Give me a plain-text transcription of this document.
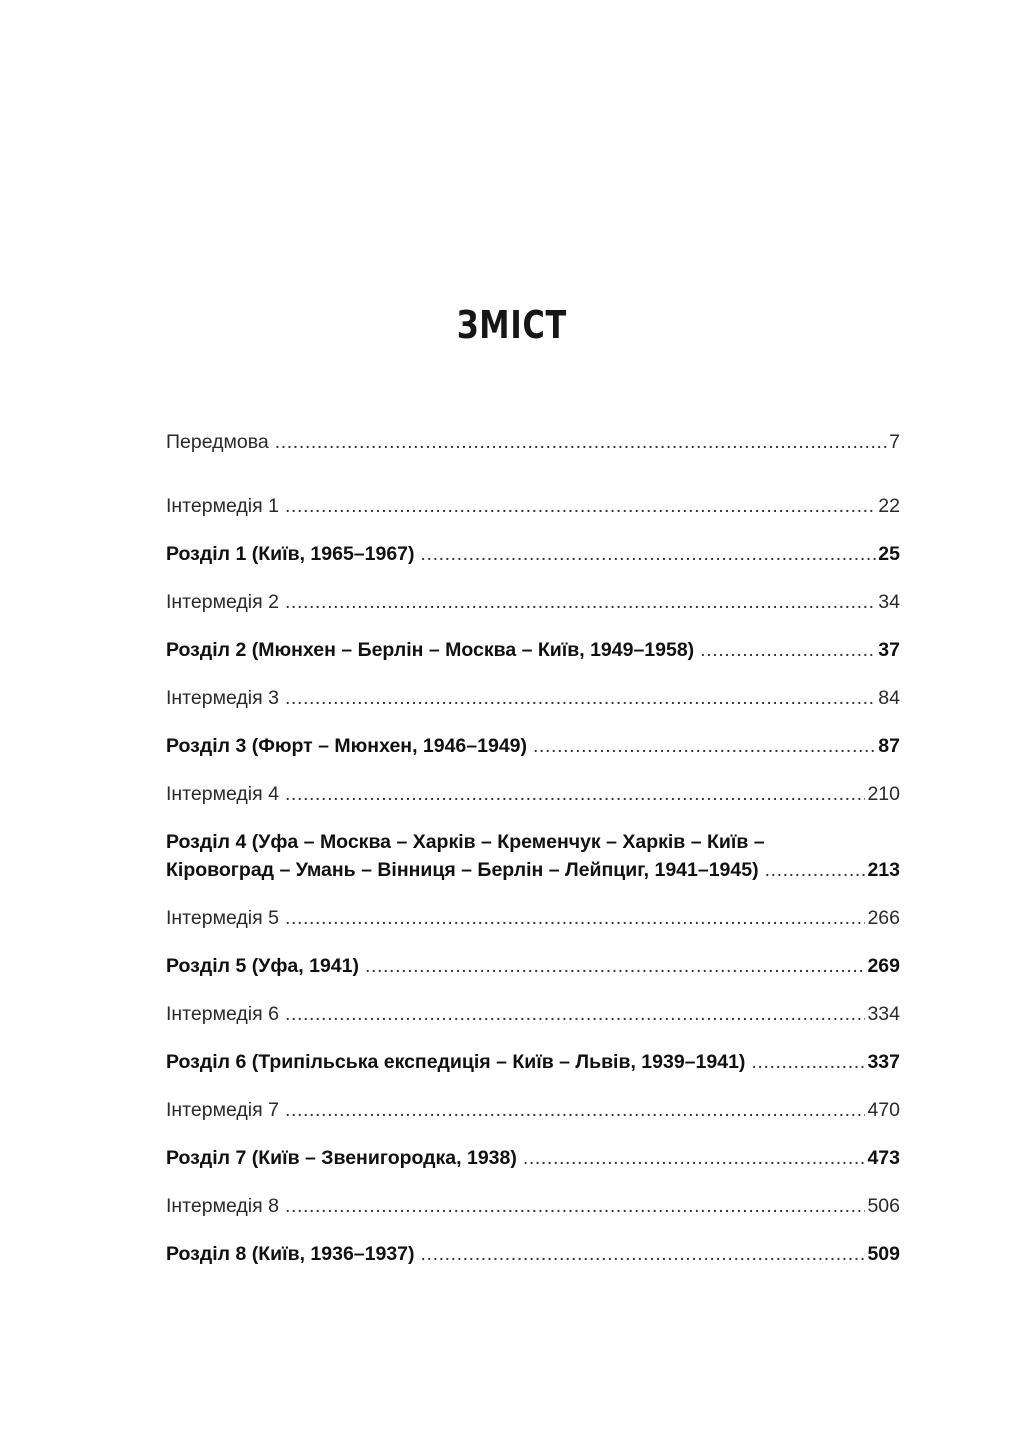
ЗМІСТ
Передмова .....	7
Інтермедія 1 .....	22
Розділ 1 (Київ, 1965–1967) .....	25
Інтермедія 2 .....	34
Розділ 2 (Мюнхен – Берлін – Москва – Київ, 1949–1958) .....	37
Інтермедія 3 .....	84
Розділ 3 (Фюрт – Мюнхен, 1946–1949) .....	87
Інтермедія 4 .....	210
Розділ 4 (Уфа – Москва – Харків – Кременчук – Харків – Київ –
Кіровоград – Умань – Вінниця – Берлін – Лейпциг, 1941–1945) .....	213
Інтермедія 5 .....	266
Розділ 5 (Уфа, 1941) .....	269
Інтермедія 6 .....	334
Розділ 6 (Трипільська експедиція – Київ – Львів, 1939–1941) .....	337
Інтермедія 7 .....	470
Розділ 7 (Київ – Звенигородка, 1938) .....	473
Інтермедія 8 .....	506
Розділ 8 (Київ, 1936–1937) .....	509
